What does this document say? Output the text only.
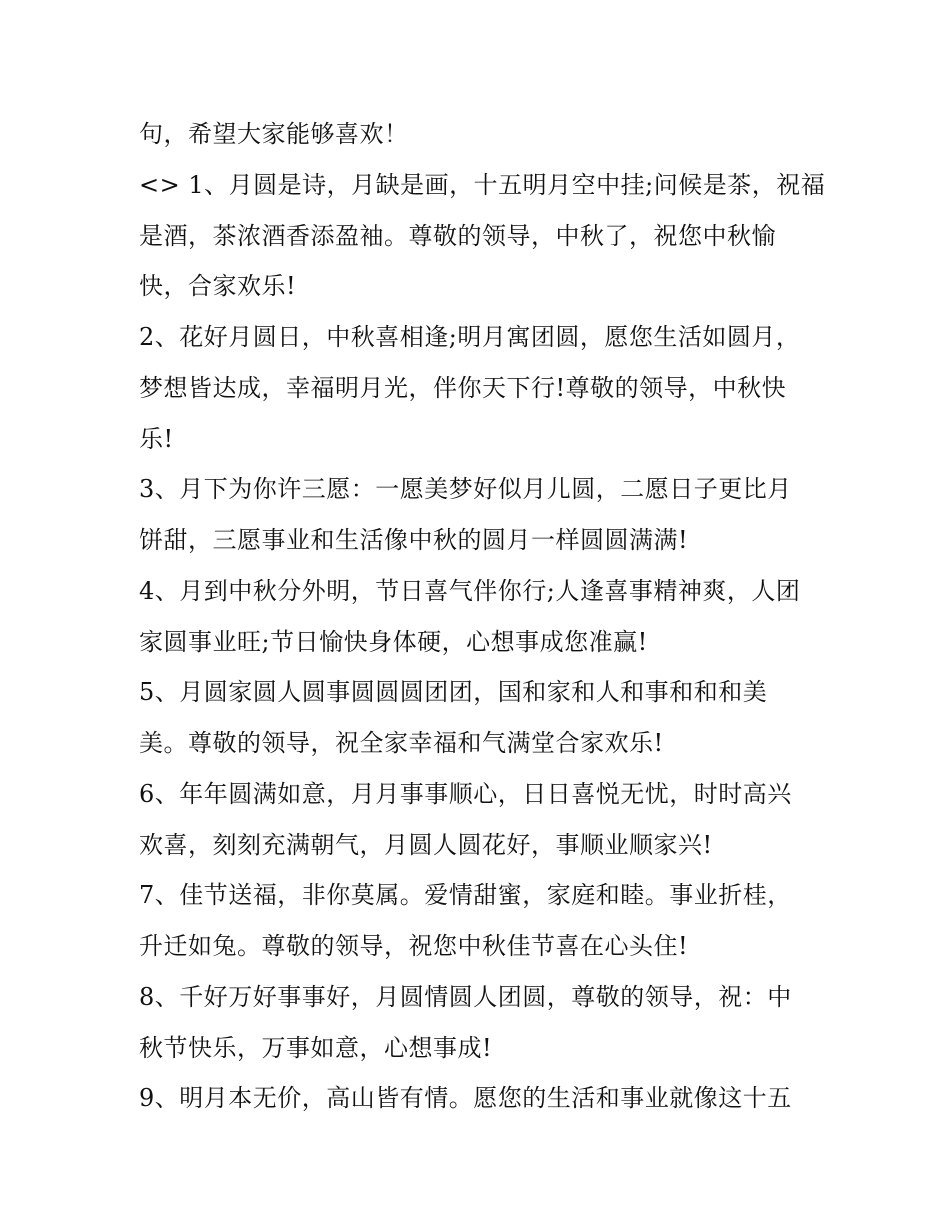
句，希望大家能够喜欢！
<> 1、月圆是诗，月缺是画，十五明月空中挂;问候是茶，祝福
是酒，茶浓酒香添盈袖。尊敬的领导，中秋了，祝您中秋愉
快，合家欢乐!
2、花好月圆日，中秋喜相逢;明月寓团圆，愿您生活如圆月，
梦想皆达成，幸福明月光，伴你天下行!尊敬的领导，中秋快
乐!
3、月下为你许三愿：一愿美梦好似月儿圆，二愿日子更比月
饼甜，三愿事业和生活像中秋的圆月一样圆圆满满!
4、月到中秋分外明，节日喜气伴你行;人逢喜事精神爽，人团
家圆事业旺;节日愉快身体硬，心想事成您准赢!
5、月圆家圆人圆事圆圆圆团团，国和家和人和事和和和美
美。尊敬的领导，祝全家幸福和气满堂合家欢乐!
6、年年圆满如意，月月事事顺心，日日喜悦无忧，时时高兴
欢喜，刻刻充满朝气，月圆人圆花好，事顺业顺家兴!
7、佳节送福，非你莫属。爱情甜蜜，家庭和睦。事业折桂，
升迁如兔。尊敬的领导，祝您中秋佳节喜在心头住!
8、千好万好事事好，月圆情圆人团圆，尊敬的领导，祝：中
秋节快乐，万事如意，心想事成!
9、明月本无价，高山皆有情。愿您的生活和事业就像这十五
